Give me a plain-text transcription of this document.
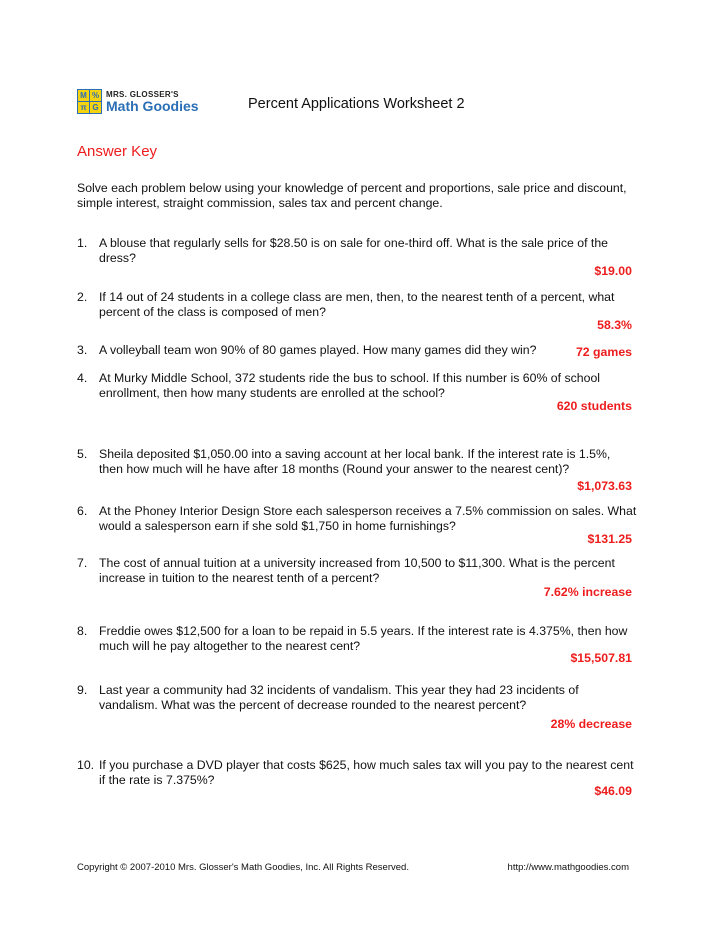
M %
π G
MRS. GLOSSER'S
Math Goodies	Percent Applications Worksheet 2
Answer Key
Solve each problem below using your knowledge of percent and proportions, sale price and discount, simple interest, straight commission, sales tax and percent change.
Copyright © 2007-2010 Mrs. Glosser's Math Goodies, Inc. All Rights Reserved.	http://www.mathgoodies.com
1. A blouse that regularly sells for $28.50 is on sale for one-third off. What is the sale price of the dress?
$19.00
2. If 14 out of 24 students in a college class are men, then, to the nearest tenth of a percent, what percent of the class is composed of men?
58.3%
3. A volleyball team won 90% of 80 games played. How many games did they win?	72 games
4. At Murky Middle School, 372 students ride the bus to school. If this number is 60% of school enrollment, then how many students are enrolled at the school?
620 students
5. Sheila deposited $1,050.00 into a saving account at her local bank. If the interest rate is 1.5%, then how much will he have after 18 months (Round your answer to the nearest cent)?
$1,073.63
6. At the Phoney Interior Design Store each salesperson receives a 7.5% commission on sales. What would a salesperson earn if she sold $1,750 in home furnishings?
$131.25
7. The cost of annual tuition at a university increased from 10,500 to $11,300. What is the percent increase in tuition to the nearest tenth of a percent?
7.62% increase
8. Freddie owes $12,500 for a loan to be repaid in 5.5 years. If the interest rate is 4.375%, then how much will he pay altogether to the nearest cent?
$15,507.81
9. Last year a community had 32 incidents of vandalism. This year they had 23 incidents of vandalism. What was the percent of decrease rounded to the nearest percent?
28% decrease
10. If you purchase a DVD player that costs $625, how much sales tax will you pay to the nearest cent if the rate is 7.375%?
$46.09
